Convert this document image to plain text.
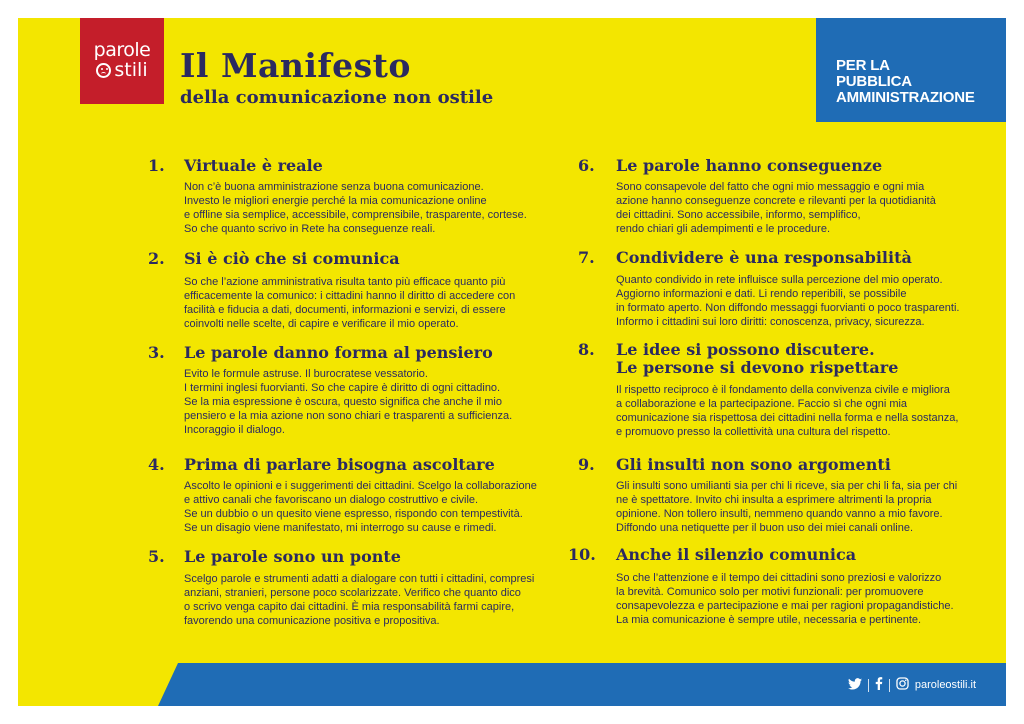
parole
stili Il Manifesto
della comunicazione non ostile
PER LA
PUBBLICA
AMMINISTRAZIONE
1. Virtuale è reale
Non c’è buona amministrazione senza buona comunicazione.
Investo le migliori energie perché la mia comunicazione online
e offline sia semplice, accessibile, comprensibile, trasparente, cortese.
So che quanto scrivo in Rete ha conseguenze reali.
2. Si è ciò che si comunica
So che l’azione amministrativa risulta tanto più efficace quanto più
efficacemente la comunico: i cittadini hanno il diritto di accedere con
facilità e fiducia a dati, documenti, informazioni e servizi, di essere
coinvolti nelle scelte, di capire e verificare il mio operato.
3. Le parole danno forma al pensiero
Evito le formule astruse. Il burocratese vessatorio.
I termini inglesi fuorvianti. So che capire è diritto di ogni cittadino.
Se la mia espressione è oscura, questo significa che anche il mio
pensiero e la mia azione non sono chiari e trasparenti a sufficienza.
Incoraggio il dialogo.
4. Prima di parlare bisogna ascoltare
Ascolto le opinioni e i suggerimenti dei cittadini. Scelgo la collaborazione
e attivo canali che favoriscano un dialogo costruttivo e civile.
Se un dubbio o un quesito viene espresso, rispondo con tempestività.
Se un disagio viene manifestato, mi interrogo su cause e rimedi.
5. Le parole sono un ponte
Scelgo parole e strumenti adatti a dialogare con tutti i cittadini, compresi
anziani, stranieri, persone poco scolarizzate. Verifico che quanto dico
o scrivo venga capito dai cittadini. È mia responsabilità farmi capire,
favorendo una comunicazione positiva e propositiva.
6. Le parole hanno conseguenze
Sono consapevole del fatto che ogni mio messaggio e ogni mia
azione hanno conseguenze concrete e rilevanti per la quotidianità
dei cittadini. Sono accessibile, informo, semplifico,
rendo chiari gli adempimenti e le procedure.
7. Condividere è una responsabilità
Quanto condivido in rete influisce sulla percezione del mio operato.
Aggiorno informazioni e dati. Li rendo reperibili, se possibile
in formato aperto. Non diffondo messaggi fuorvianti o poco trasparenti.
Informo i cittadini sui loro diritti: conoscenza, privacy, sicurezza.
8. Le idee si possono discutere.
Le persone si devono rispettare
Il rispetto reciproco è il fondamento della convivenza civile e migliora
a collaborazione e la partecipazione. Faccio sì che ogni mia
comunicazione sia rispettosa dei cittadini nella forma e nella sostanza,
e promuovo presso la collettività una cultura del rispetto.
9. Gli insulti non sono argomenti
Gli insulti sono umilianti sia per chi li riceve, sia per chi li fa, sia per chi
ne è spettatore. Invito chi insulta a esprimere altrimenti la propria
opinione. Non tollero insulti, nemmeno quando vanno a mio favore.
Diffondo una netiquette per il buon uso dei miei canali online.
10. Anche il silenzio comunica
So che l’attenzione e il tempo dei cittadini sono preziosi e valorizzo
la brevità. Comunico solo per motivi funzionali: per promuovere
consapevolezza e partecipazione e mai per ragioni propagandistiche.
La mia comunicazione è sempre utile, necessaria e pertinente.
paroleostili.it
